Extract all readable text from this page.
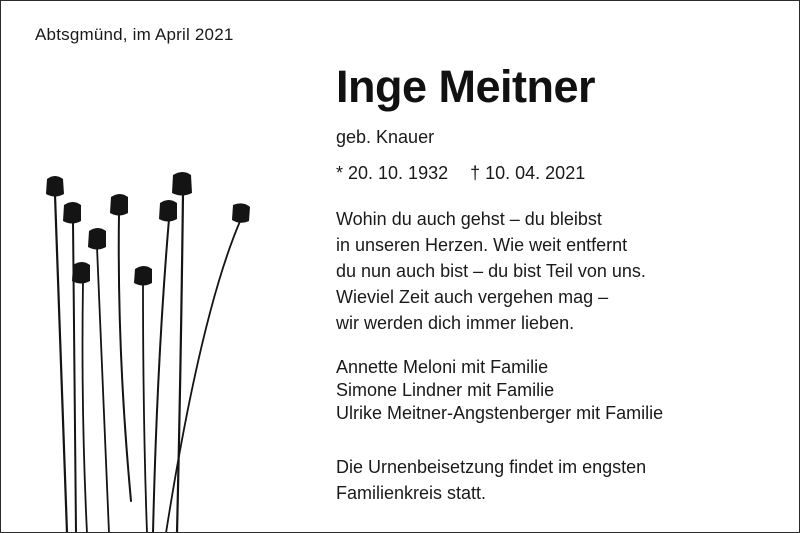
Abtsgmünd, im April 2021
Inge Meitner
geb. Knauer
* 20. 10. 1932 † 10. 04. 2021
Wohin du auch gehst – du bleibst
in unseren Herzen. Wie weit entfernt
du nun auch bist – du bist Teil von uns.
Wieviel Zeit auch vergehen mag –
wir werden dich immer lieben.
Annette Meloni mit Familie
Simone Lindner mit Familie
Ulrike Meitner-Angstenberger mit Familie
Die Urnenbeisetzung findet im engsten
Familienkreis statt.
